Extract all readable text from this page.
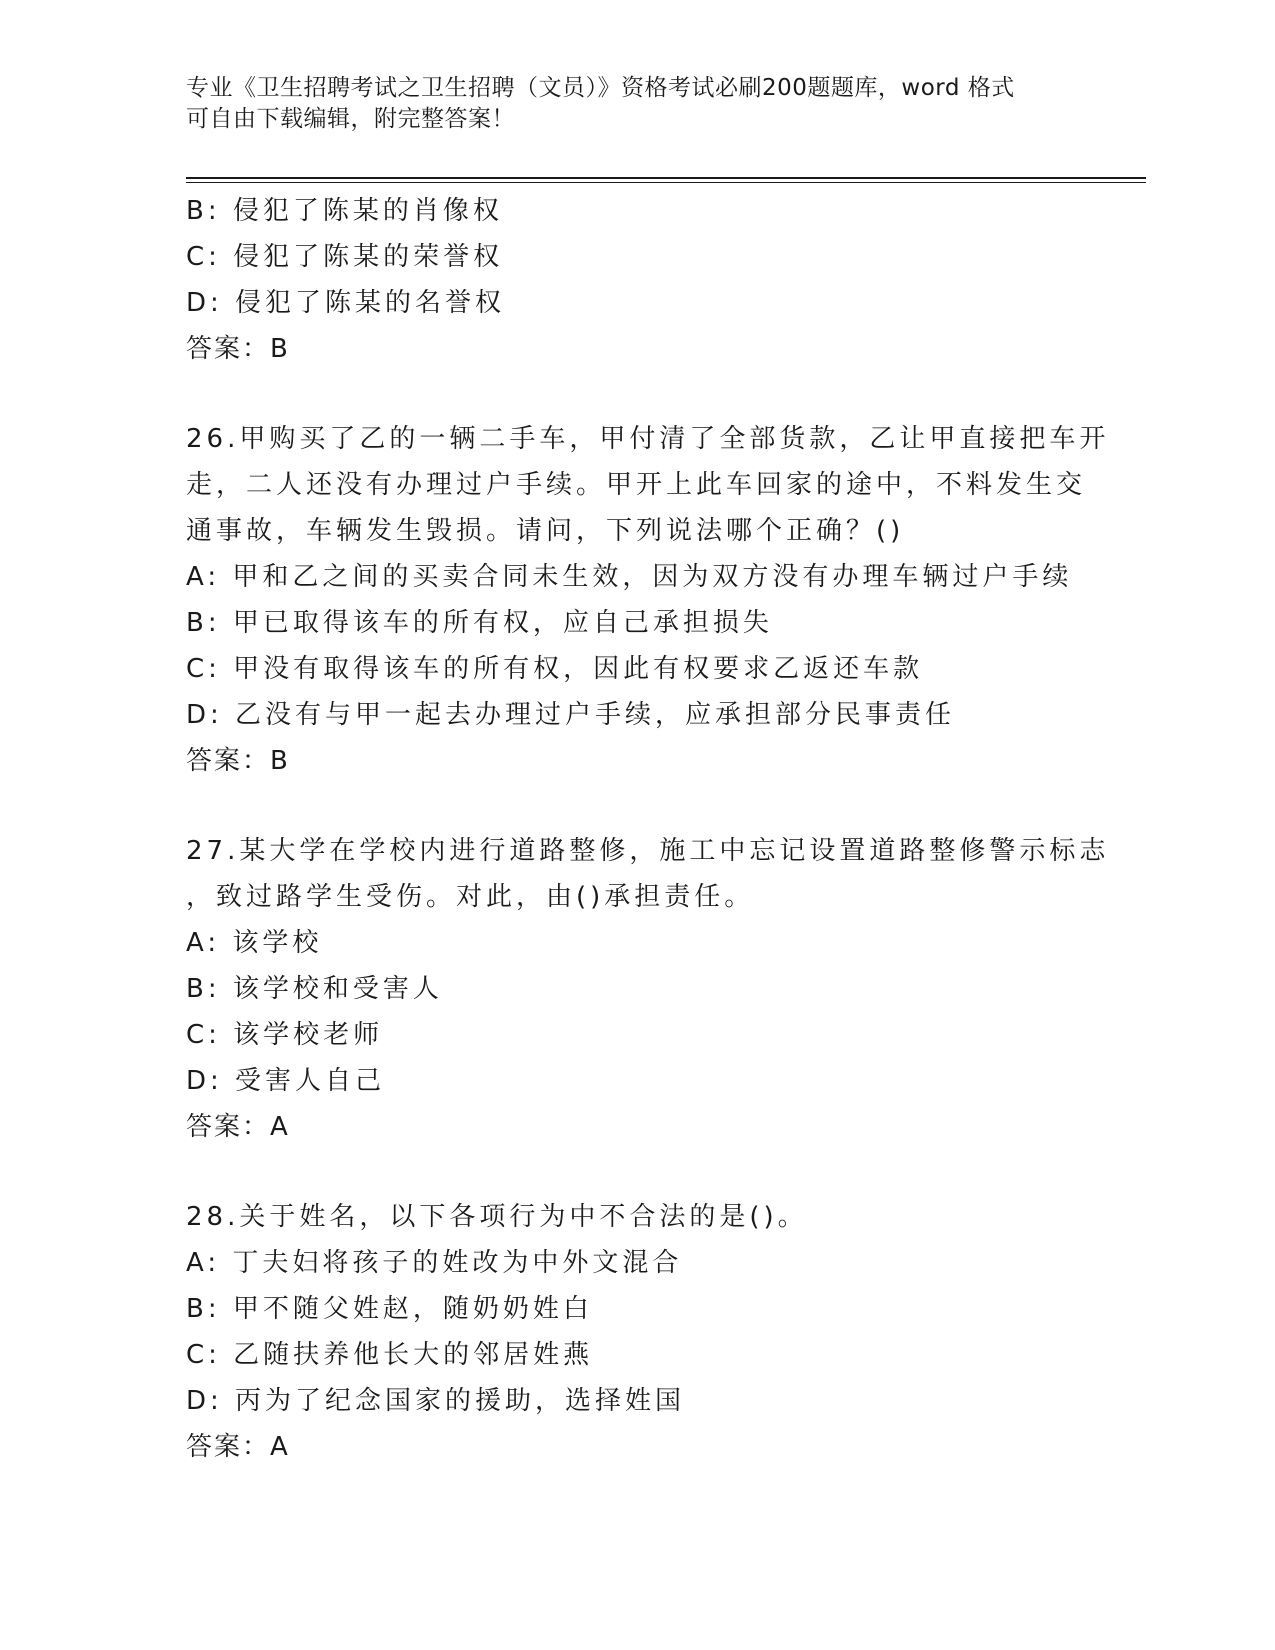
专业《卫生招聘考试之卫生招聘（文员）》资格考试必刷200题题库，word 格式
可自由下载编辑，附完整答案！
B: 侵犯了陈某的肖像权
C: 侵犯了陈某的荣誉权
D: 侵犯了陈某的名誉权
答案：B
26.甲购买了乙的一辆二手车，甲付清了全部货款，乙让甲直接把车开
走，二人还没有办理过户手续。甲开上此车回家的途中，不料发生交
通事故，车辆发生毁损。请问，下列说法哪个正确？()
A: 甲和乙之间的买卖合同未生效，因为双方没有办理车辆过户手续
B: 甲已取得该车的所有权，应自己承担损失
C: 甲没有取得该车的所有权，因此有权要求乙返还车款
D: 乙没有与甲一起去办理过户手续，应承担部分民事责任
答案：B
27.某大学在学校内进行道路整修，施工中忘记设置道路整修警示标志
，致过路学生受伤。对此，由()承担责任。
A: 该学校
B: 该学校和受害人
C: 该学校老师
D: 受害人自己
答案：A
28.关于姓名，以下各项行为中不合法的是()。
A: 丁夫妇将孩子的姓改为中外文混合
B: 甲不随父姓赵，随奶奶姓白
C: 乙随扶养他长大的邻居姓燕
D: 丙为了纪念国家的援助，选择姓国
答案：A
